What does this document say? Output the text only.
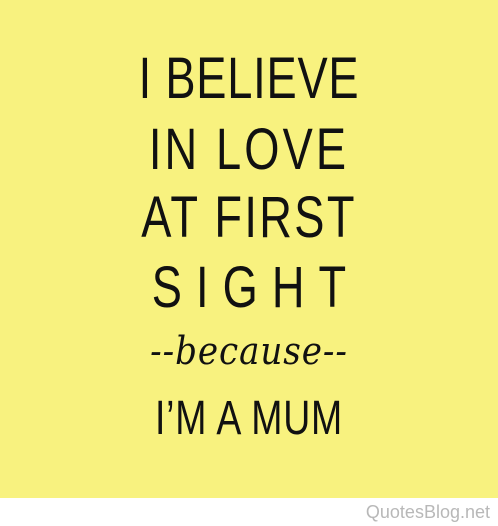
I BELIEVE
IN LOVE
AT FIRST
SIGHT
--because--
I’M A MUM
QuotesBlog.net
